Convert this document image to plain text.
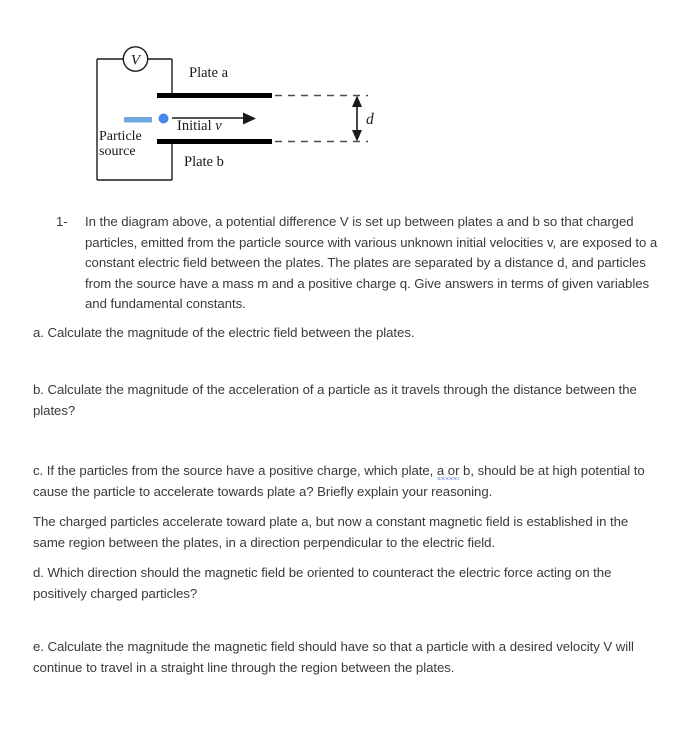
V
Plate a
Plate b
Particle
source
Initial v	d
1-	In the diagram above, a potential difference V is set up between plates a and b so that charged particles, emitted from the particle source with various unknown initial velocities v, are exposed to a constant electric field between the plates. The plates are separated by a distance d, and particles from the source have a mass m and a positive charge q. Give answers in terms of given variables and fundamental constants.
a. Calculate the magnitude of the electric field between the plates.
b. Calculate the magnitude of the acceleration of a particle as it travels through the distance between the plates?
c. If the particles from the source have a positive charge, which plate, a or b, should be at high potential to cause the particle to accelerate towards plate a? Briefly explain your reasoning.
The charged particles accelerate toward plate a, but now a constant magnetic field is established in the same region between the plates, in a direction perpendicular to the electric field.
d. Which direction should the magnetic field be oriented to counteract the electric force acting on the positively charged particles?
e. Calculate the magnitude the magnetic field should have so that a particle with a desired velocity V will continue to travel in a straight line through the region between the plates.
